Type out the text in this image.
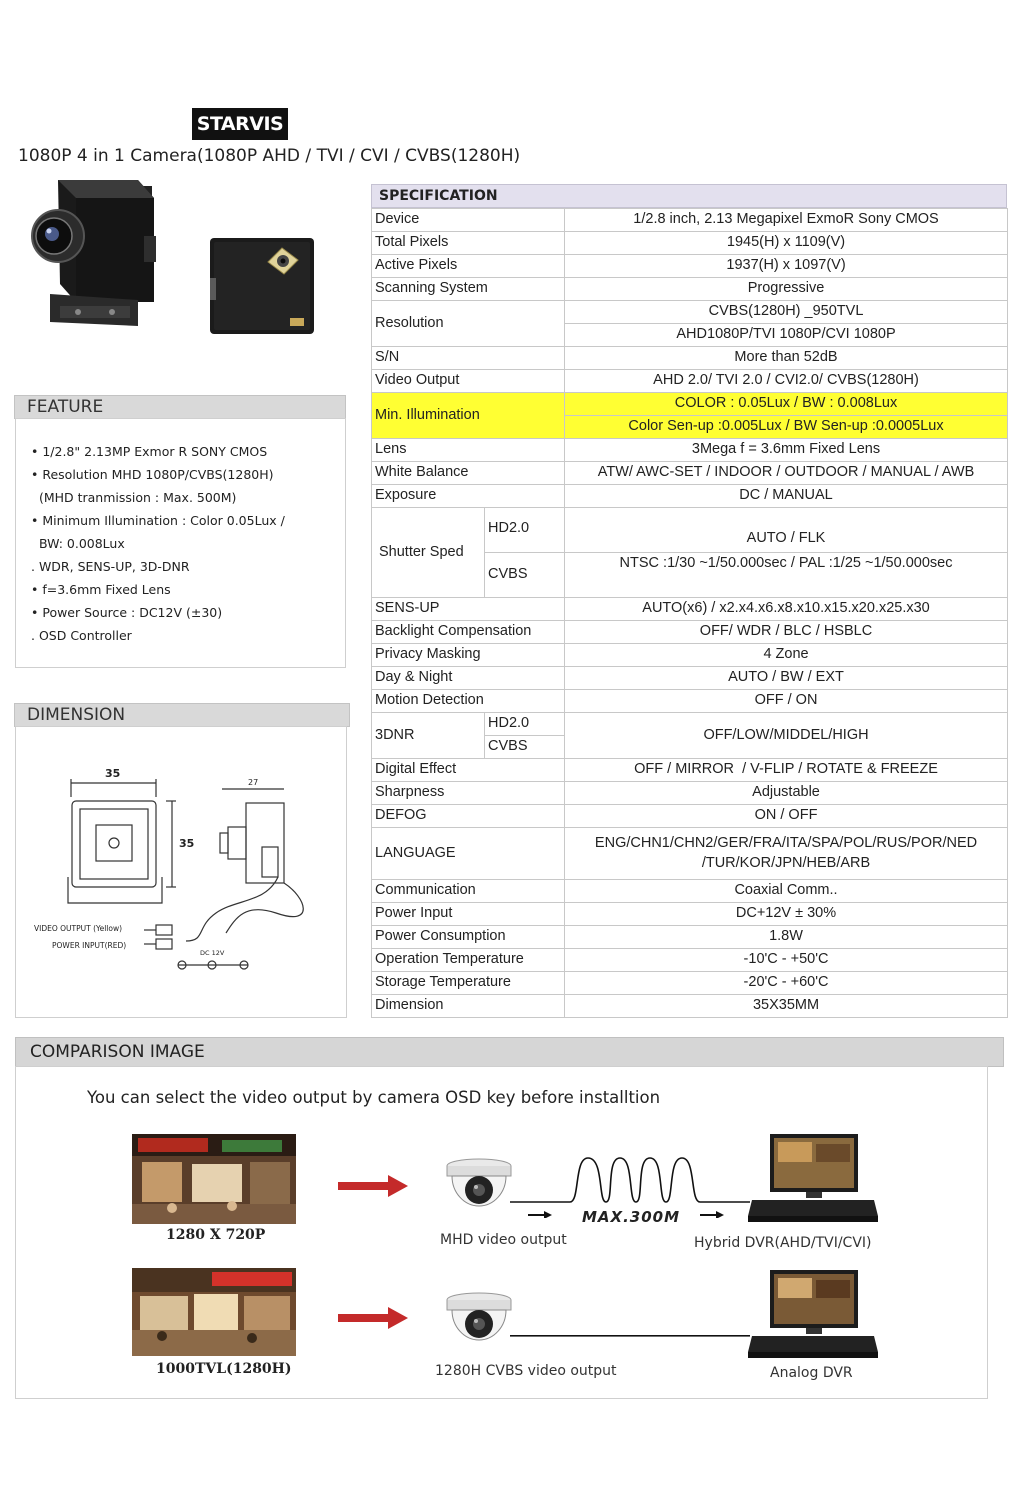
STARVIS
1080P 4 in 1 Camera(1080P AHD / TVI / CVI / CVBS(1280H)
FEATURE
• 1/2.8" 2.13MP Exmor R SONY CMOS
• Resolution MHD 1080P/CVBS(1280H)
(MHD tranmission : Max. 500M)
• Minimum Illumination : Color 0.05Lux /
BW: 0.008Lux
. WDR, SENS-UP, 3D-DNR
• f=3.6mm Fixed Lens
• Power Source : DC12V (±30)
. OSD Controller
DIMENSION
35
35
27
VIDEO OUTPUT (Yellow)
POWER INPUT(RED)
DC 12V
SPECIFICATION
Device		1/2.8 inch, 2.13 Megapixel ExmoR Sony CMOS
Total Pixels		1945(H) x 1109(V)
Active Pixels		1937(H) x 1097(V)
Scanning System		Progressive
Resolution		CVBS(1280H) _950TVL
		AHD1080P/TVI 1080P/CVI 1080P
S/N		More than 52dB
Video Output		AHD 2.0/ TVI 2.0 / CVI2.0/ CVBS(1280H)
Min. Illumination		COLOR : 0.05Lux / BW : 0.008Lux
		Color Sen-up :0.005Lux / BW Sen-up :0.0005Lux
Lens		3Mega f = 3.6mm Fixed Lens
White Balance		ATW/ AWC-SET / INDOOR / OUTDOOR / MANUAL / AWB
Exposure		DC / MANUAL
Shutter Sped	HD2.0	AUTO / FLK
	CVBS	NTSC :1/30 ~1/50.000sec / PAL :1/25 ~1/50.000sec
SENS-UP		AUTO(x6) / x2.x4.x6.x8.x10.x15.x20.x25.x30
Backlight Compensation		OFF/ WDR / BLC / HSBLC
Privacy Masking		4 Zone
Day & Night		AUTO / BW / EXT
Motion Detection		OFF / ON
3DNR	HD2.0	OFF/LOW/MIDDEL/HIGH
	CVBS	
Digital Effect		OFF / MIRROR  / V-FLIP / ROTATE & FREEZE
Sharpness		Adjustable
DEFOG		ON / OFF
LANGUAGE		ENG/CHN1/CHN2/GER/FRA/ITA/SPA/POL/RUS/POR/NED
/TUR/KOR/JPN/HEB/ARB

Communication		Coaxial Comm..
Power Input		DC+12V ± 30%
Power Consumption		1.8W
Operation Temperature		-10'C - +50'C
Storage Temperature		-20'C - +60'C
Dimension		35X35MM
COMPARISON IMAGE
You can select the video output by camera OSD key before installtion
1280 X 720P
MAX.300M
MHD video output	Hybrid DVR(AHD/TVI/CVI)
1000TVL(1280H)	1280H CVBS video output	Analog DVR
